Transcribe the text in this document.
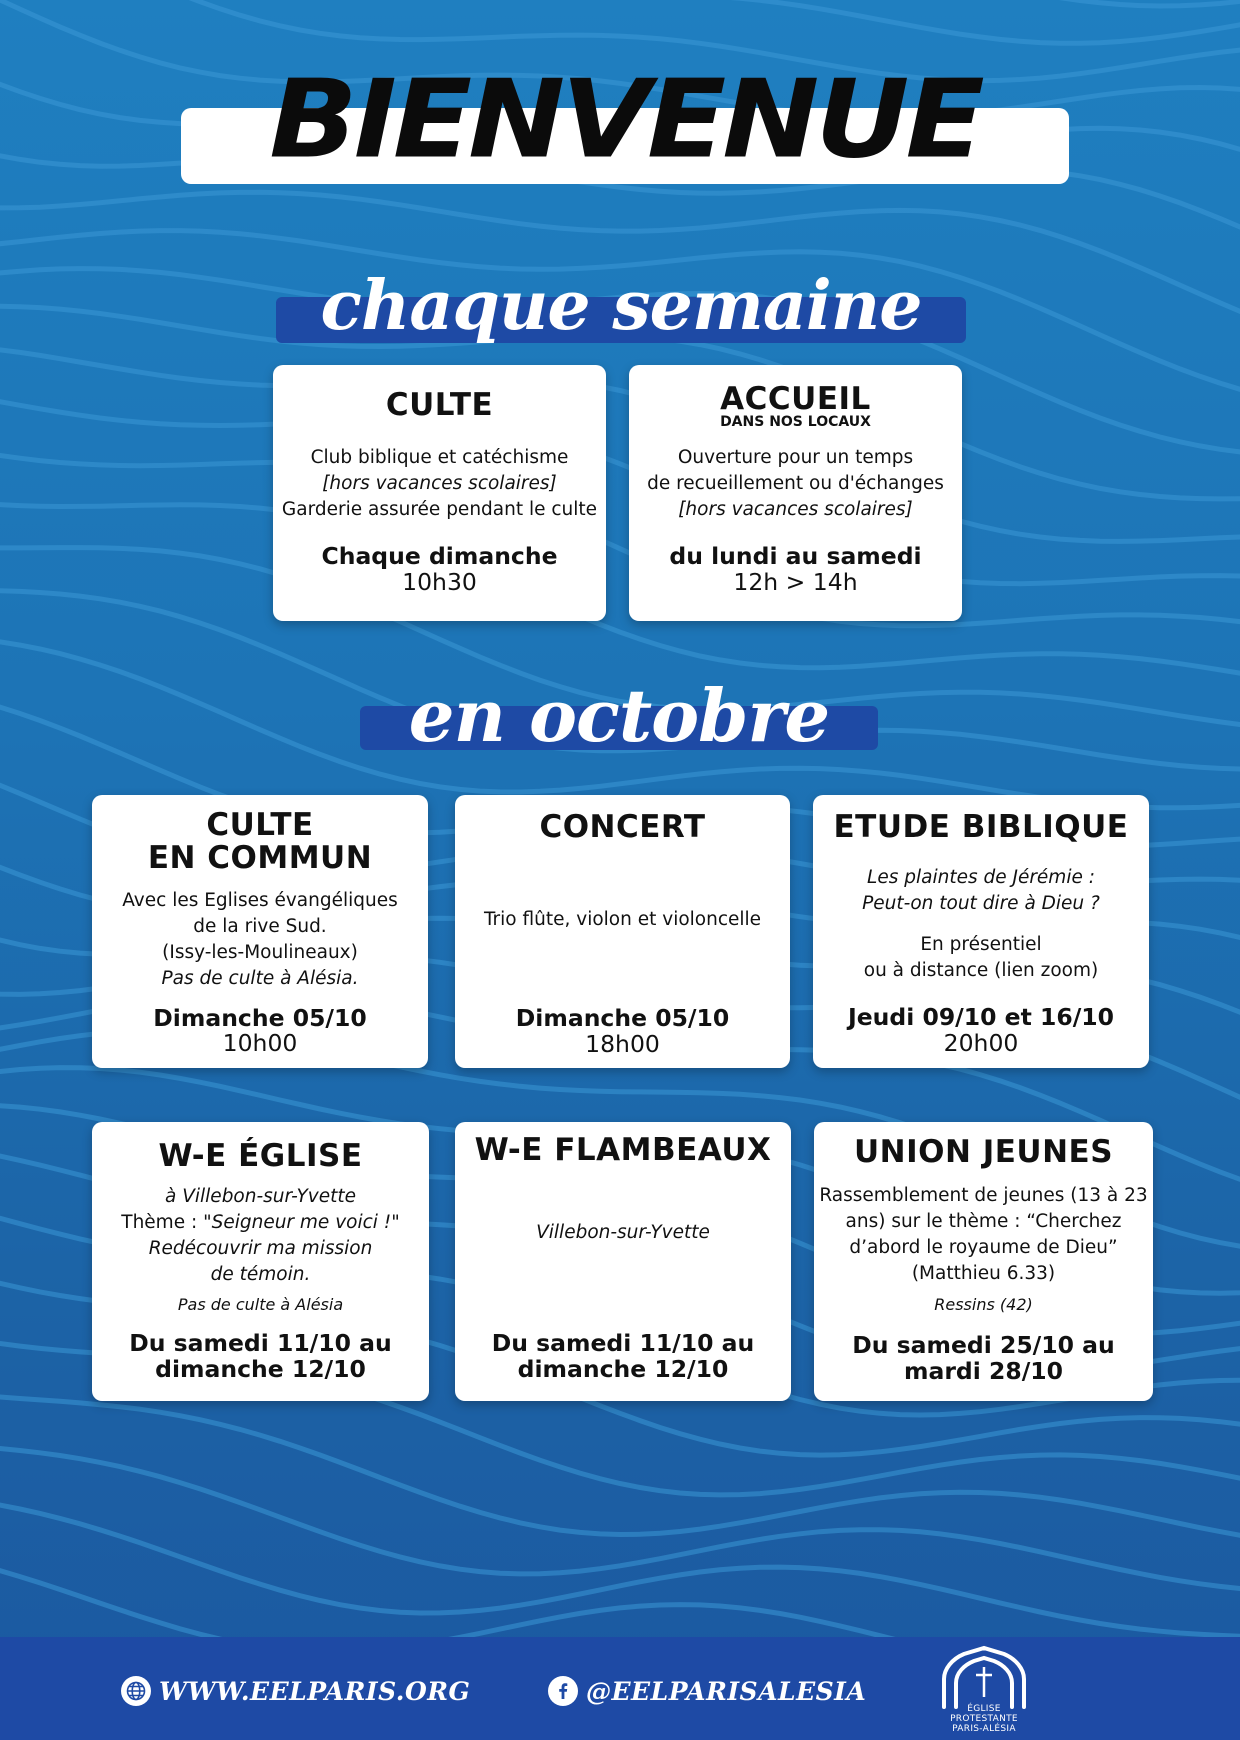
BIENVENUE
chaque semaine
CULTE
Club biblique et catéchisme
[hors vacances scolaires]
Garderie assurée pendant le culte
Chaque dimanche
10h30
ACCUEIL
DANS NOS LOCAUX
Ouverture pour un temps
de recueillement ou d'échanges
[hors vacances scolaires]
du lundi au samedi
12h > 14h
en octobre
CULTE
EN COMMUN
Avec les Eglises évangéliques
de la rive Sud.
(Issy-les-Moulineaux)
Pas de culte à Alésia.
Dimanche 05/10
10h00
CONCERT
Trio flûte, violon et violoncelle
Dimanche 05/10
18h00
ETUDE BIBLIQUE
Les plaintes de Jérémie :
Peut-on tout dire à Dieu ?
En présentiel
ou à distance (lien zoom)
Jeudi 09/10 et 16/10
20h00
W-E ÉGLISE
à Villebon-sur-Yvette
Thème : "Seigneur me voici !"
Redécouvrir ma mission
de témoin.
Pas de culte à Alésia
Du samedi 11/10 au
dimanche 12/10
W-E FLAMBEAUX
Villebon-sur-Yvette
Du samedi 11/10 au
dimanche 12/10
UNION JEUNES
Rassemblement de jeunes (13 à 23
ans) sur le thème : “Cherchez
d’abord le royaume de Dieu”
(Matthieu 6.33)
Ressins (42)
Du samedi 25/10 au
mardi 28/10
WWW.EELPARIS.ORG	@EELPARISALESIA
ÉGLISE
PROTESTANTE
PARIS-ALÉSIA
